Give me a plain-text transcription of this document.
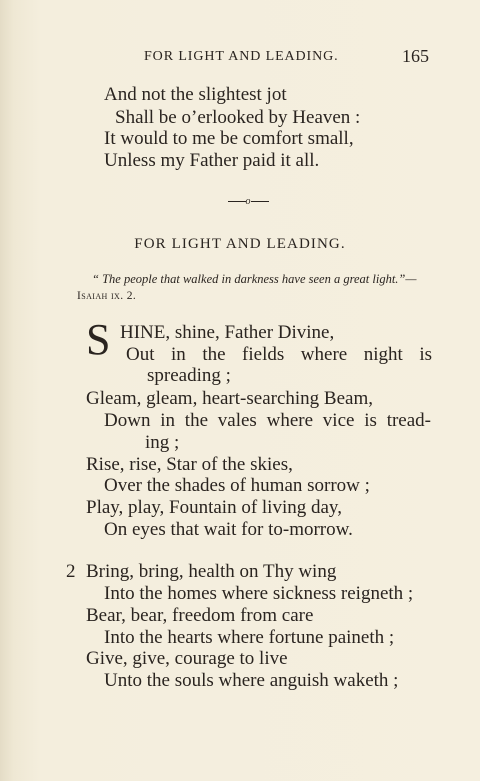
FOR LIGHT AND LEADING.	165
And not the slightest jot
Shall be o’erlooked by Heaven :
It would to me be comfort small,
Unless my Father paid it all.
o
FOR LIGHT AND LEADING.
“ The people that walked in darkness have seen a great light.”—
Isaiah ix. 2.
S HINE, shine, Father Divine,
Out in the fields where night is
spreading ;
Gleam, gleam, heart-searching Beam,
Down in the vales where vice is tread-
ing ;
Rise, rise, Star of the skies,
Over the shades of human sorrow ;
Play, play, Fountain of living day,
On eyes that wait for to-morrow.
2 Bring, bring, health on Thy wing
Into the homes where sickness reigneth ;
Bear, bear, freedom from care
Into the hearts where fortune paineth ;
Give, give, courage to live
Unto the souls where anguish waketh ;
